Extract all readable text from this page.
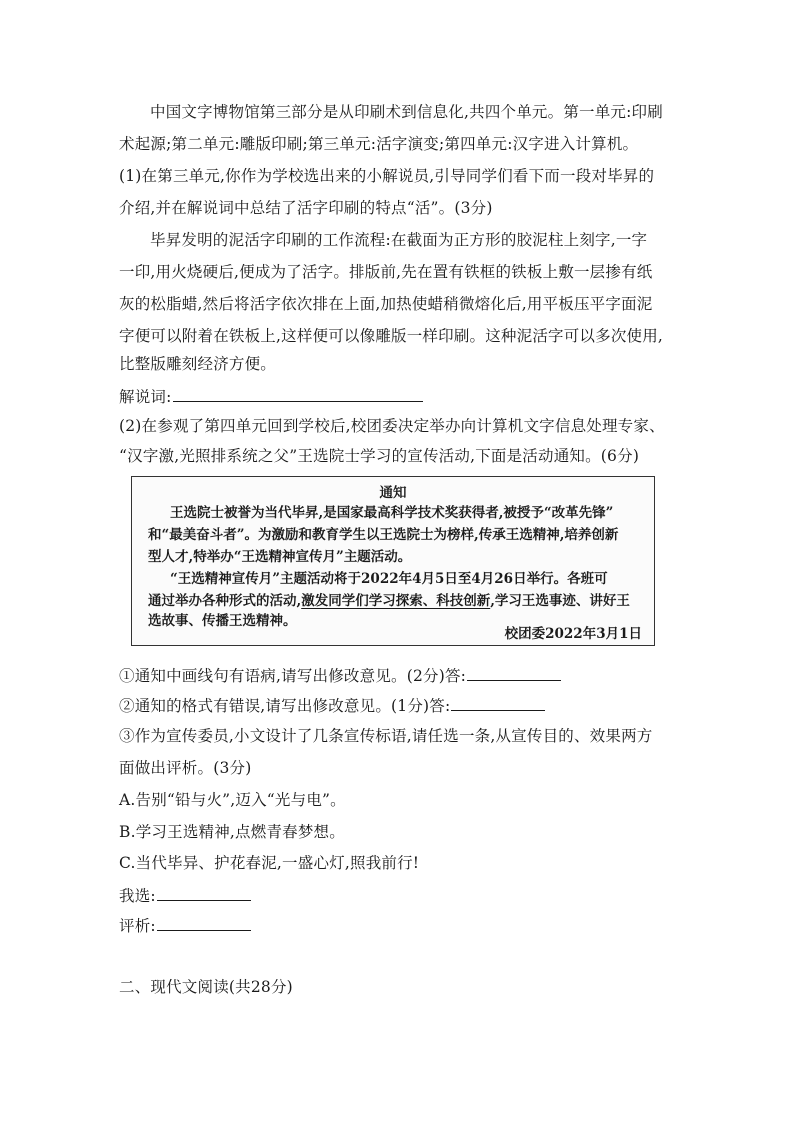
中国文字博物馆第三部分是从印刷术到信息化,共四个单元。第一单元:印刷
术起源;第二单元:雕版印刷;第三单元:活字演变;第四单元:汉字进入计算机。
(1)在第三单元,你作为学校选出来的小解说员,引导同学们看下而一段对毕昇的
介绍,并在解说词中总结了活字印刷的特点“活”。(3分)
毕昇发明的泥活字印刷的工作流程:在截面为正方形的胶泥柱上刻字,一字
一印,用火烧硬后,便成为了活字。排版前,先在置有铁框的铁板上敷一层掺有纸
灰的松脂蜡,然后将活字依次排在上面,加热使蜡稍微熔化后,用平板压平字面泥
字便可以附着在铁板上,这样便可以像雕版一样印刷。这种泥活字可以多次使用,
比整版雕刻经济方便。
解说词:
(2)在参观了第四单元回到学校后,校团委决定举办向计算机文字信息处理专家、
“汉字激,光照排系统之父”王选院士学习的宣传活动,下面是活动通知。(6分)
通知
王选院士被誉为当代毕昇,是国家最高科学技术奖获得者,被授予“改革先锋”
和“最美奋斗者”。为激励和教育学生以王选院士为榜样,传承王选精神,培养创新
型人才,特举办“王选精神宣传月”主题活动。
“王选精神宣传月”主题活动将于2022年4月5日至4月26日举行。各班可
通过举办各种形式的活动,激发同学们学习探索、科技创新,学习王选事迹、讲好王
选故事、传播王选精神。
校团委2022年3月1日
①通知中画线句有语病,请写出修改意见。(2分)答:
②通知的格式有错误,请写出修改意见。(1分)答:
③作为宣传委员,小文设计了几条宣传标语,请任选一条,从宣传目的、效果两方
面做出评析。(3分)
A.告别“铅与火”,迈入“光与电”。
B.学习王选精神,点燃青春梦想。
C.当代毕异、护花春泥,一盛心灯,照我前行!
我选:
评析:
二、现代文阅读(共28分)
